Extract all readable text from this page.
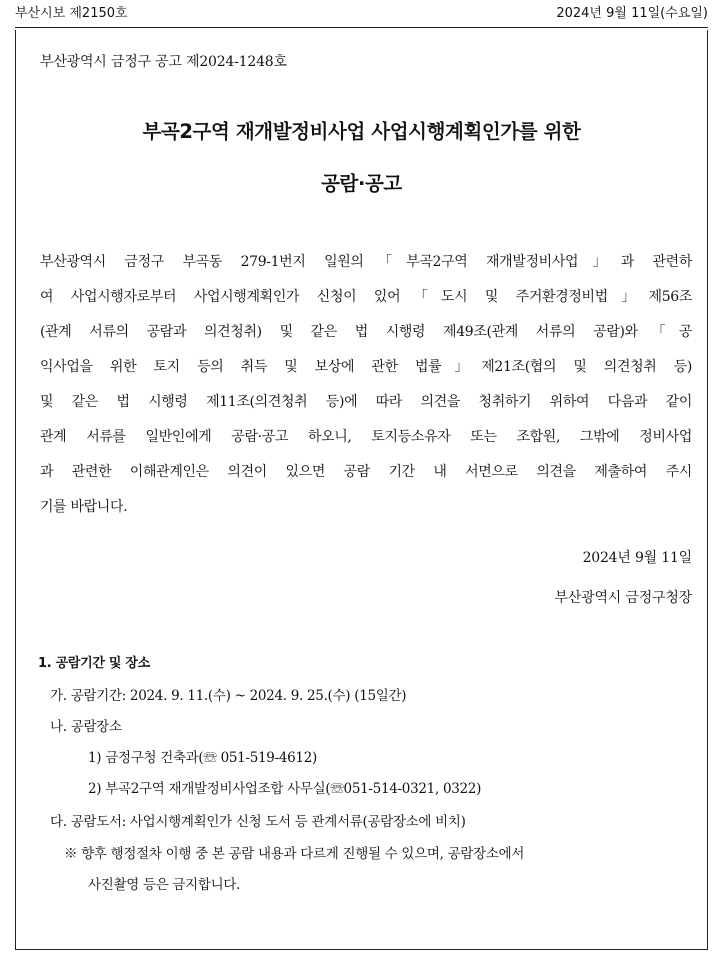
부산시보 제2150호	2024년 9월 11일(수요일)
부산광역시 금정구 공고 제2024-1248호
부곡2구역 재개발정비사업 사업시행계획인가를 위한
공람·공고
부산광역시 금정구 부곡동 279-1번지 일원의「부곡2구역 재개발정비사업」과 관련하
여 사업시행자로부터 사업시행계획인가 신청이 있어「도시 및 주거환경정비법」제56조
(관계 서류의 공람과 의견청취) 및 같은 법 시행령 제49조(관계 서류의 공람)와「공
익사업을 위한 토지 등의 취득 및 보상에 관한 법률」제21조(협의 및 의견청취 등)
및 같은 법 시행령 제11조(의견청취 등)에 따라 의견을 청취하기 위하여 다음과 같이
관계 서류를 일반인에게 공람·공고 하오니, 토지등소유자 또는 조합원, 그밖에 정비사업
과 관련한 이해관계인은 의견이 있으면 공람 기간 내 서면으로 의견을 제출하여 주시
기를 바랍니다.
2024년 9월 11일
부산광역시 금정구청장
1. 공람기간 및 장소
가. 공람기간: 2024. 9. 11.(수) ~ 2024. 9. 25.(수) (15일간)
나. 공람장소
1) 금정구청 건축과(☏ 051-519-4612)
2) 부곡2구역 재개발정비사업조합 사무실(☏051-514-0321, 0322)
다. 공람도서: 사업시행계획인가 신청 도서 등 관계서류(공람장소에 비치)
※ 향후 행정절차 이행 중 본 공람 내용과 다르게 진행될 수 있으며, 공람장소에서
사진촬영 등은 금지합니다.
